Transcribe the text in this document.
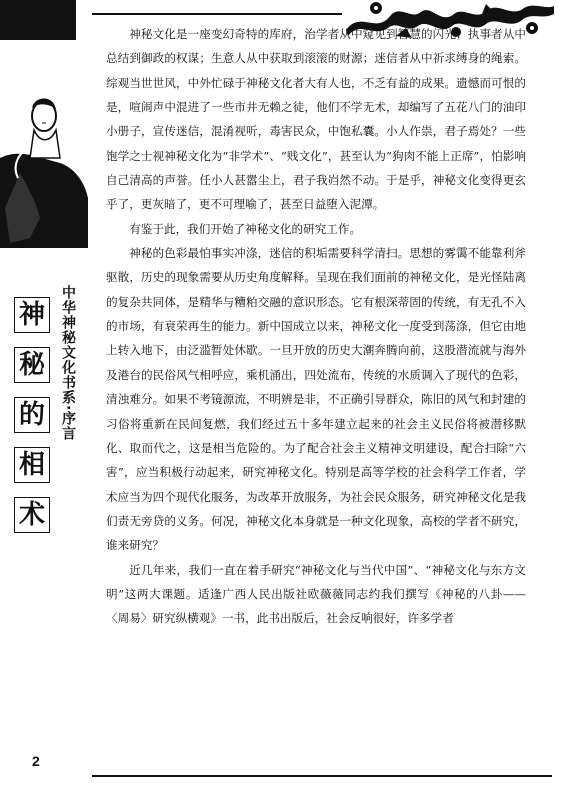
神
秘
的
相
术
中华神秘文化书系·序言

神秘文化是一座变幻奇特的库府，治学者从中窥见到智慧的闪光；执事者从中总结到御政的权谋；生意人从中获取到滚滚的财源；迷信者从中祈求缚身的绳索。综观当世世风，中外忙碌于神秘文化者大有人也，不乏有益的成果。遗憾而可恨的是，喧闹声中混进了一些市井无赖之徒，他们不学无术，却编写了五花八门的油印小册子，宣传迷信，混淆视听，毒害民众，中饱私囊。小人作祟，君子焉处？一些饱学之士视神秘文化为“非学术”、“贱文化”，甚至认为“狗肉不能上正席”，怕影响自己清高的声誉。任小人甚嚣尘上，君子我岿然不动。于是乎，神秘文化变得更玄乎了，更灰暗了，更不可理喻了，甚至日益堕入泥潭。

有鉴于此，我们开始了神秘文化的研究工作。

神秘的色彩最怕事实冲涤，迷信的积垢需要科学清扫。思想的雾霭不能靠利斧驱散，历史的现象需要从历史角度解释。呈现在我们面前的神秘文化，是光怪陆离的复杂共同体，是精华与糟粕交融的意识形态。它有根深蒂固的传统，有无孔不入的市场，有衰荣再生的能力。新中国成立以来，神秘文化一度受到荡涤，但它由地上转入地下，由泛滥暂处休歇。一旦开放的历史大潮奔腾向前，这股潜流就与海外及港台的民俗风气相呼应，乘机涌出，四处流布，传统的水质调入了现代的色彩，清浊难分。如果不考镜源流，不明辨是非，不正确引导群众，陈旧的风气和封建的习俗将重新在民间复燃，我们经过五十多年建立起来的社会主义民俗将被潜移默化、取而代之，这是相当危险的。为了配合社会主义精神文明建设，配合扫除“六害”，应当积极行动起来，研究神秘文化。特别是高等学校的社会科学工作者，学术应当为四个现代化服务，为改革开放服务，为社会民众服务，研究神秘文化是我们责无旁贷的义务。何况，神秘文化本身就是一种文化现象，高校的学者不研究，谁来研究？

近几年来，我们一直在着手研究“神秘文化与当代中国”、“神秘文化与东方文明”这两大课题。适逢广西人民出版社欧薇薇同志约我们撰写《神秘的八卦——〈周易〉研究纵横观》一书，此书出版后，社会反响很好，许多学者

2
